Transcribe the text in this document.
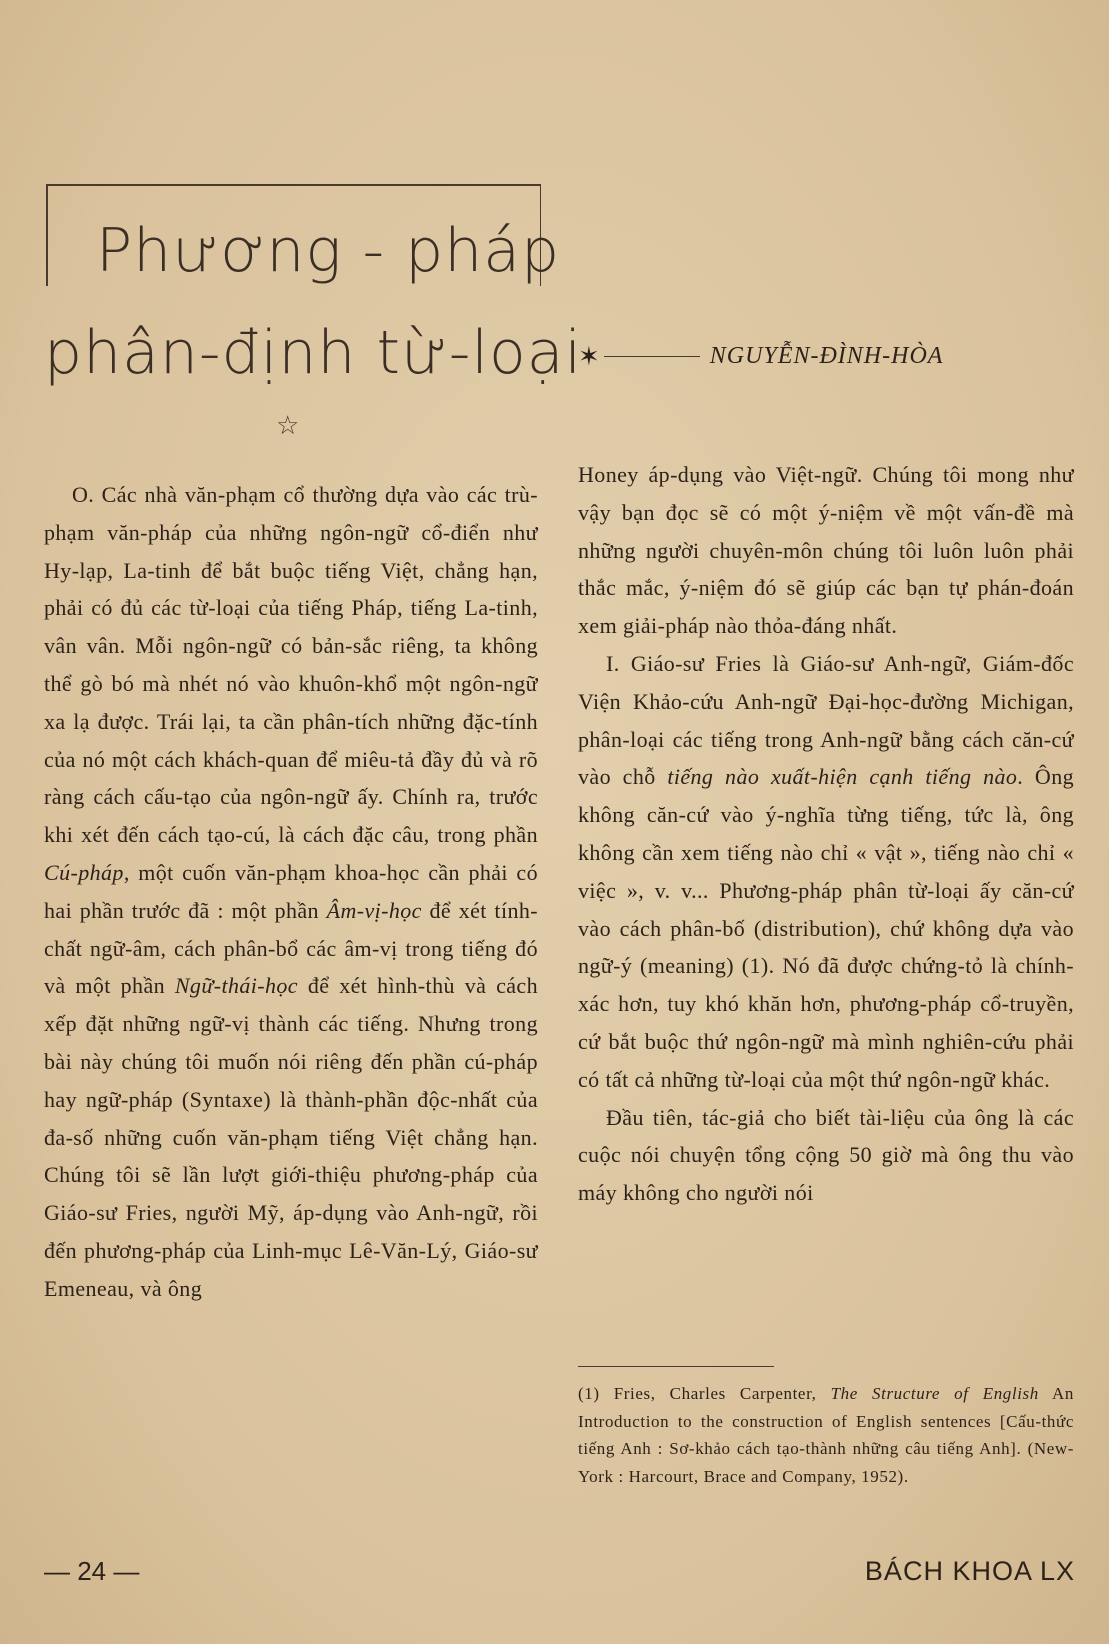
Phương - pháp
phân-định từ-loại
☆
✶	NGUYỄN-ĐÌNH-HÒA

O. Các nhà văn-phạm cổ thường dựa vào các trù-phạm văn-pháp của những ngôn-ngữ cổ-điển như Hy-lạp, La-tinh để bắt buộc tiếng Việt, chẳng hạn, phải có đủ các từ-loại của tiếng Pháp, tiếng La-tinh, vân vân. Mỗi ngôn-ngữ có bản-sắc riêng, ta không thể gò bó mà nhét nó vào khuôn-khổ một ngôn-ngữ xa lạ được. Trái lại, ta cần phân-tích những đặc-tính của nó một cách khách-quan để miêu-tả đầy đủ và rõ ràng cách cấu-tạo của ngôn-ngữ ấy. Chính ra, trước khi xét đến cách tạo-cú, là cách đặc câu, trong phần Cú-pháp, một cuốn văn-phạm khoa-học cần phải có hai phần trước đã : một phần Âm-vị-học để xét tính-chất ngữ-âm, cách phân-bổ các âm-vị trong tiếng đó và một phần Ngữ-thái-học để xét hình-thù và cách xếp đặt những ngữ-vị thành các tiếng. Nhưng trong bài này chúng tôi muốn nói riêng đến phần cú-pháp hay ngữ-pháp (Syntaxe) là thành-phần độc-nhất của đa-số những cuốn văn-phạm tiếng Việt chẳng hạn. Chúng tôi sẽ lần lượt giới-thiệu phương-pháp của Giáo-sư Fries, người Mỹ, áp-dụng vào Anh-ngữ, rồi đến phương-pháp của Linh-mục Lê-Văn-Lý, Giáo-sư Emeneau, và ông

Honey áp-dụng vào Việt-ngữ. Chúng tôi mong như vậy bạn đọc sẽ có một ý-niệm về một vấn-đề mà những người chuyên-môn chúng tôi luôn luôn phải thắc mắc, ý-niệm đó sẽ giúp các bạn tự phán-đoán xem giải-pháp nào thỏa-đáng nhất.

I. Giáo-sư Fries là Giáo-sư Anh-ngữ, Giám-đốc Viện Khảo-cứu Anh-ngữ Đại-học-đường Michigan, phân-loại các tiếng trong Anh-ngữ bằng cách căn-cứ vào chỗ tiếng nào xuất-hiện cạnh tiếng nào. Ông không căn-cứ vào ý-nghĩa từng tiếng, tức là, ông không cần xem tiếng nào chỉ « vật », tiếng nào chỉ « việc », v. v... Phương-pháp phân từ-loại ấy căn-cứ vào cách phân-bố (distribution), chứ không dựa vào ngữ-ý (meaning) (1). Nó đã được chứng-tỏ là chính-xác hơn, tuy khó khăn hơn, phương-pháp cổ-truyền, cứ bắt buộc thứ ngôn-ngữ mà mình nghiên-cứu phải có tất cả những từ-loại của một thứ ngôn-ngữ khác.

Đầu tiên, tác-giả cho biết tài-liệu của ông là các cuộc nói chuyện tổng cộng 50 giờ mà ông thu vào máy không cho người nói

(1) Fries, Charles Carpenter, The Structure of English An Introduction to the construction of English sentences [Cấu-thức tiếng Anh : Sơ-khảo cách tạo-thành những câu tiếng Anh]. (New-York : Harcourt, Brace and Company, 1952).
— 24 —	BÁCH KHOA LX
